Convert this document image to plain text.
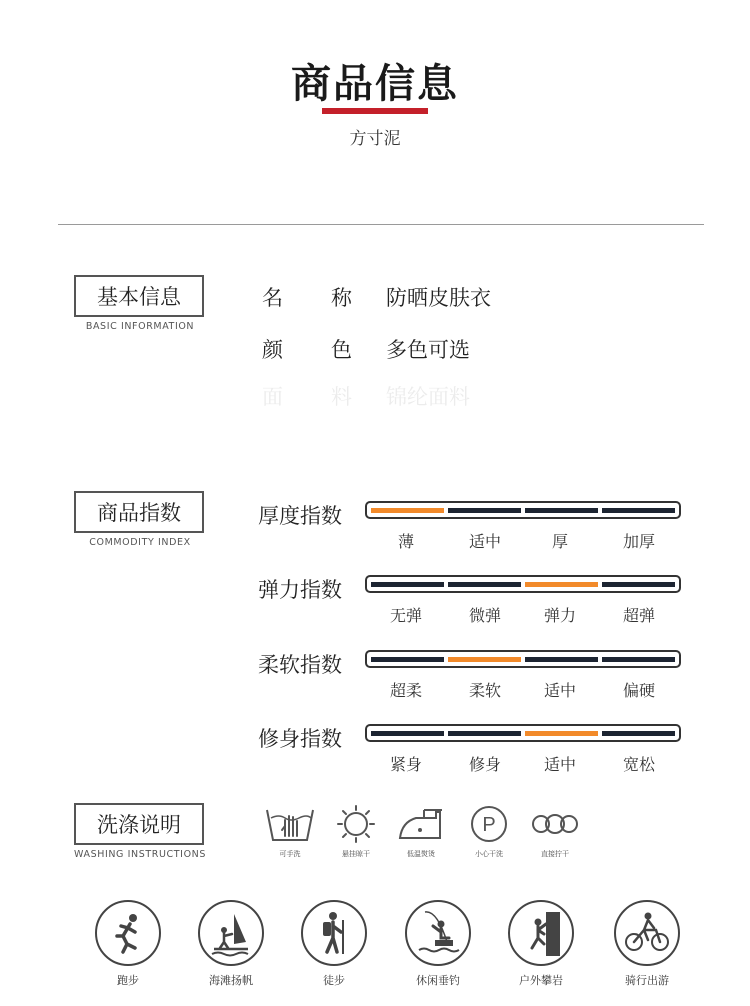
商品信息
方寸泥
基本信息
BASIC INFORMATION
名 称 防晒皮肤衣
颜 色 多色可选
面 料 锦纶面料
商品指数
COMMODITY INDEX
厚度指数
薄	适中	厚	加厚
弹力指数
无弹	微弹	弹力	超弹
柔软指数
超柔	柔软	适中	偏硬
修身指数
紧身	修身	适中	宽松
洗涤说明
WASHING INSTRUCTIONS	可手洗	悬挂晾干	低温熨烫
P
小心干洗	直接拧干
跑步	海滩扬帆	徒步	休闲垂钓	户外攀岩	骑行出游
